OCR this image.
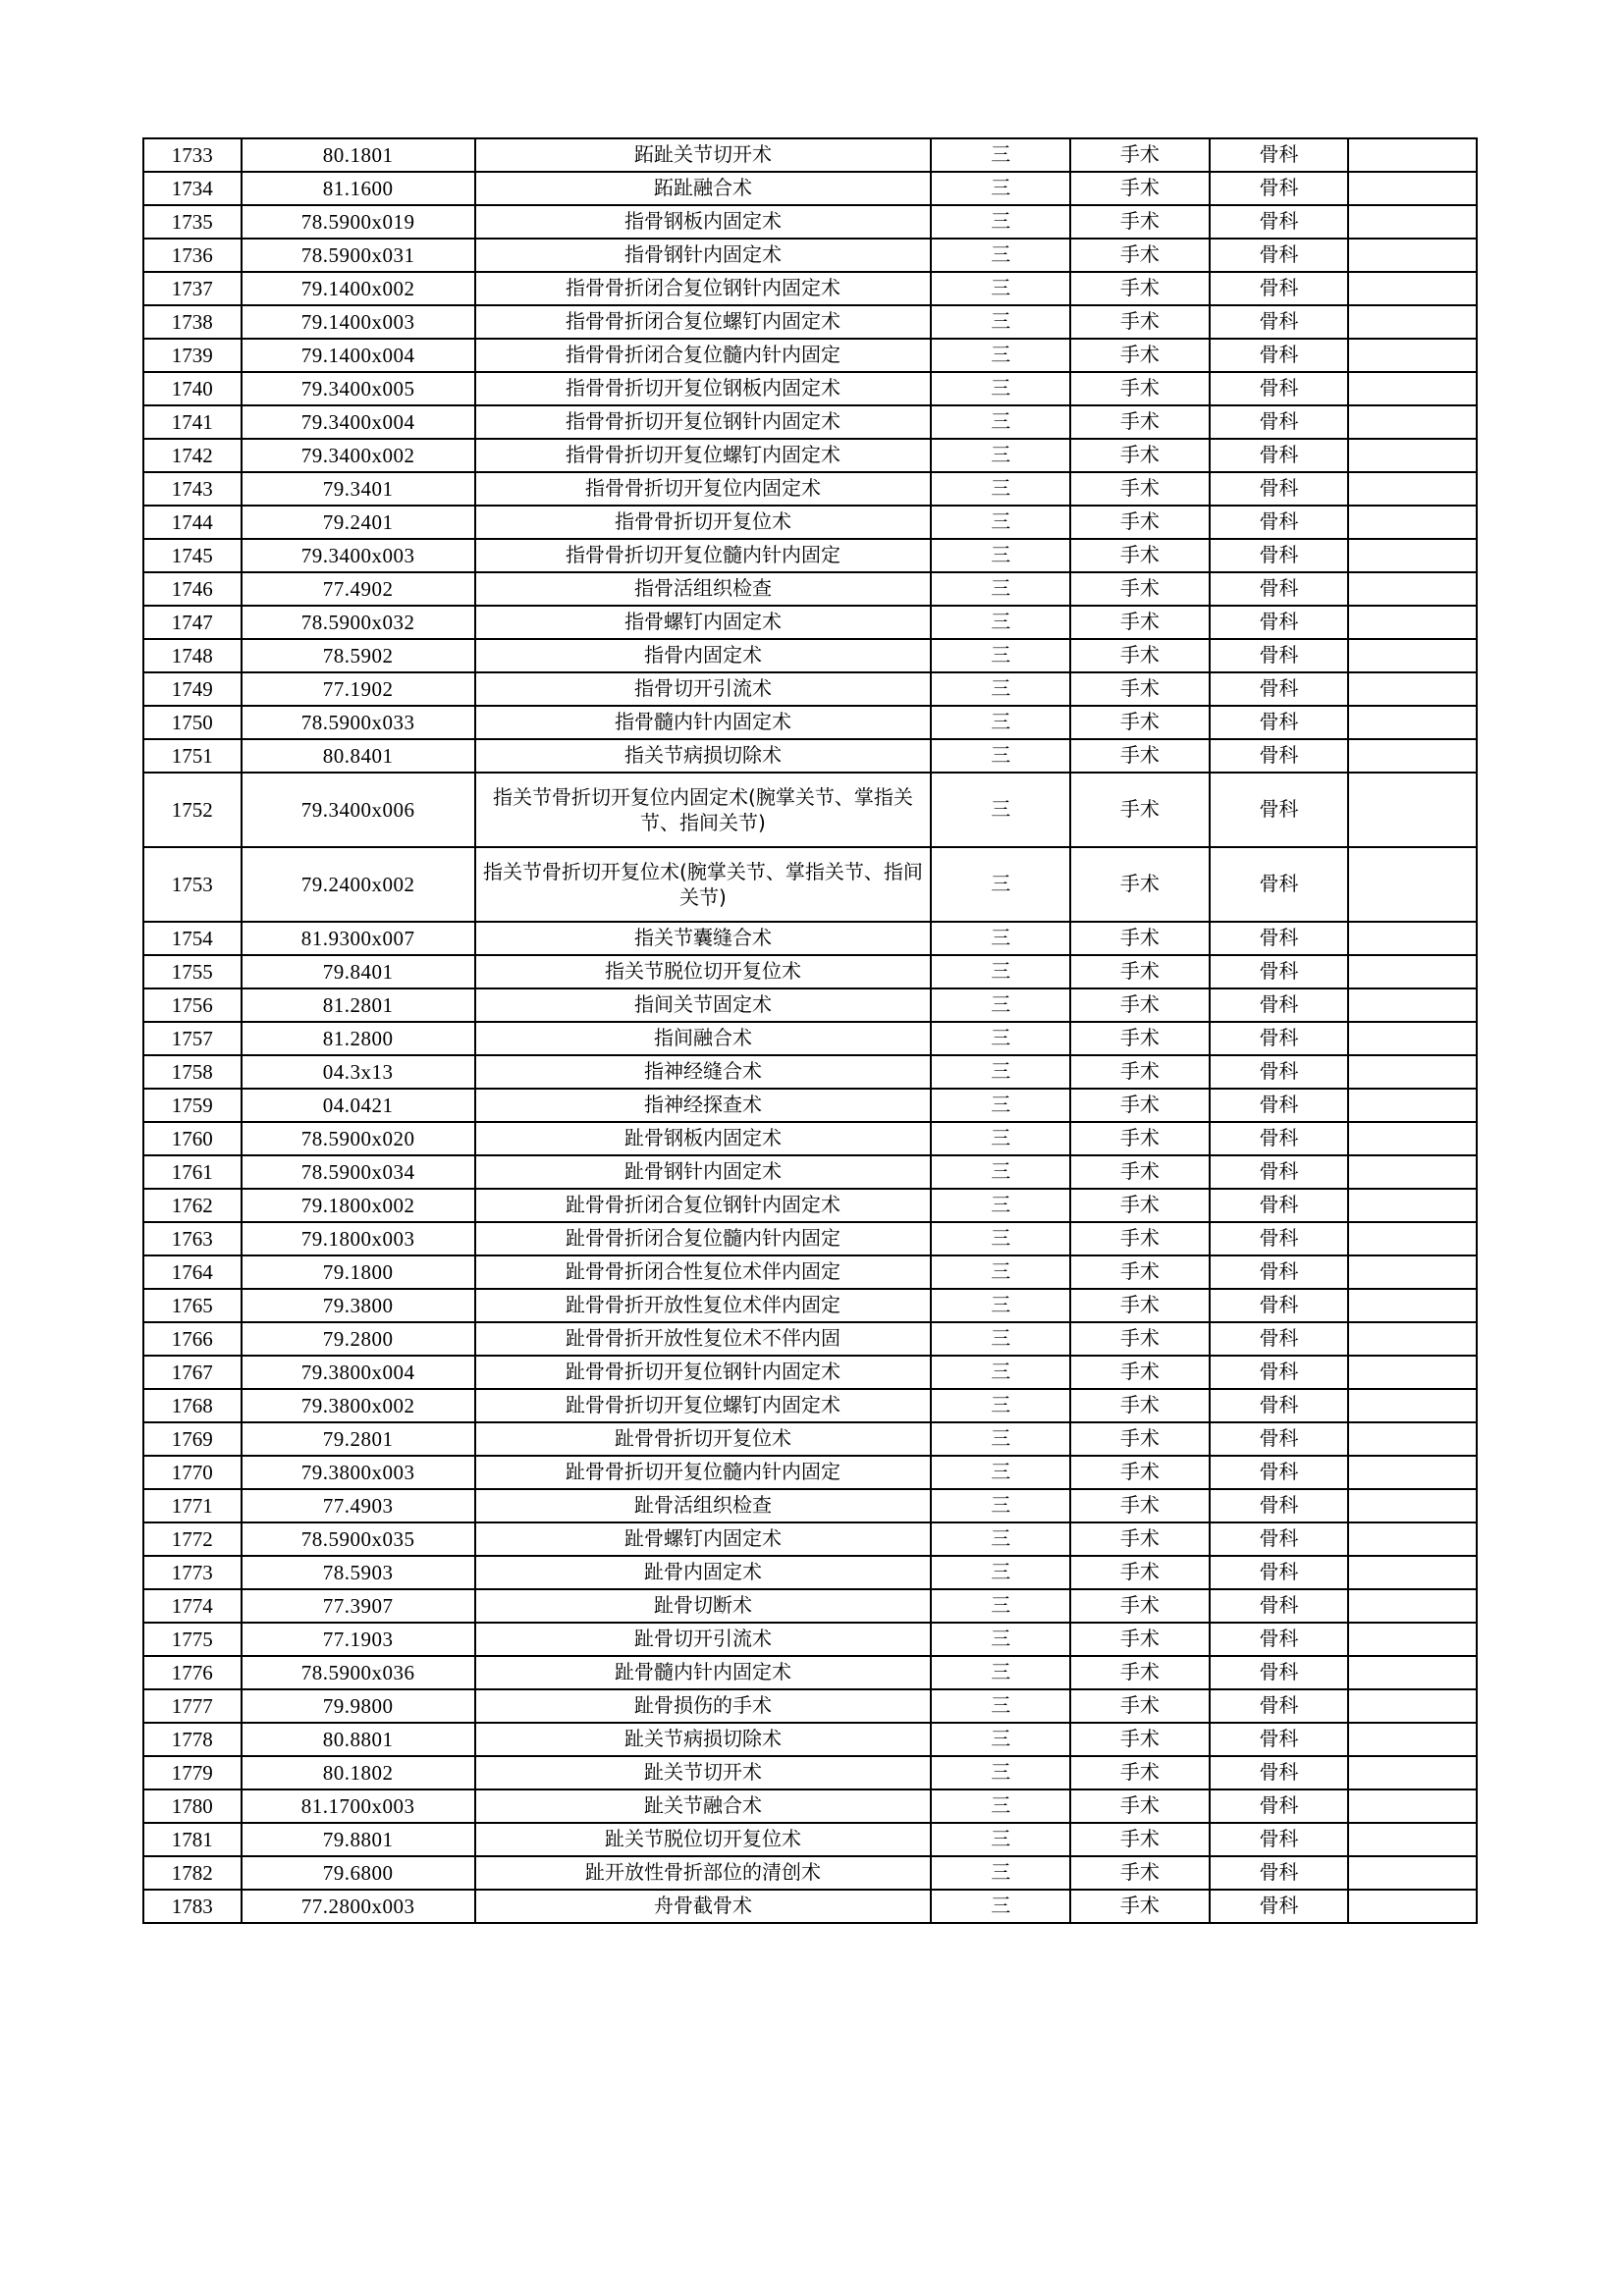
1733	80.1801	跖趾关节切开术	三	手术	骨科	
1734	81.1600	跖趾融合术	三	手术	骨科	
1735	78.5900x019	指骨钢板内固定术	三	手术	骨科	
1736	78.5900x031	指骨钢针内固定术	三	手术	骨科	
1737	79.1400x002	指骨骨折闭合复位钢针内固定术	三	手术	骨科	
1738	79.1400x003	指骨骨折闭合复位螺钉内固定术	三	手术	骨科	
1739	79.1400x004	指骨骨折闭合复位髓内针内固定	三	手术	骨科	
1740	79.3400x005	指骨骨折切开复位钢板内固定术	三	手术	骨科	
1741	79.3400x004	指骨骨折切开复位钢针内固定术	三	手术	骨科	
1742	79.3400x002	指骨骨折切开复位螺钉内固定术	三	手术	骨科	
1743	79.3401	指骨骨折切开复位内固定术	三	手术	骨科	
1744	79.2401	指骨骨折切开复位术	三	手术	骨科	
1745	79.3400x003	指骨骨折切开复位髓内针内固定	三	手术	骨科	
1746	77.4902	指骨活组织检查	三	手术	骨科	
1747	78.5900x032	指骨螺钉内固定术	三	手术	骨科	
1748	78.5902	指骨内固定术	三	手术	骨科	
1749	77.1902	指骨切开引流术	三	手术	骨科	
1750	78.5900x033	指骨髓内针内固定术	三	手术	骨科	
1751	80.8401	指关节病损切除术	三	手术	骨科	
1752	79.3400x006	指关节骨折切开复位内固定术(腕掌关节、掌指关节、指间关节)	三	手术	骨科	
1753	79.2400x002	指关节骨折切开复位术(腕掌关节、掌指关节、指间关节)	三	手术	骨科	
1754	81.9300x007	指关节囊缝合术	三	手术	骨科	
1755	79.8401	指关节脱位切开复位术	三	手术	骨科	
1756	81.2801	指间关节固定术	三	手术	骨科	
1757	81.2800	指间融合术	三	手术	骨科	
1758	04.3x13	指神经缝合术	三	手术	骨科	
1759	04.0421	指神经探查术	三	手术	骨科	
1760	78.5900x020	趾骨钢板内固定术	三	手术	骨科	
1761	78.5900x034	趾骨钢针内固定术	三	手术	骨科	
1762	79.1800x002	趾骨骨折闭合复位钢针内固定术	三	手术	骨科	
1763	79.1800x003	趾骨骨折闭合复位髓内针内固定	三	手术	骨科	
1764	79.1800	趾骨骨折闭合性复位术伴内固定	三	手术	骨科	
1765	79.3800	趾骨骨折开放性复位术伴内固定	三	手术	骨科	
1766	79.2800	趾骨骨折开放性复位术不伴内固	三	手术	骨科	
1767	79.3800x004	趾骨骨折切开复位钢针内固定术	三	手术	骨科	
1768	79.3800x002	趾骨骨折切开复位螺钉内固定术	三	手术	骨科	
1769	79.2801	趾骨骨折切开复位术	三	手术	骨科	
1770	79.3800x003	趾骨骨折切开复位髓内针内固定	三	手术	骨科	
1771	77.4903	趾骨活组织检查	三	手术	骨科	
1772	78.5900x035	趾骨螺钉内固定术	三	手术	骨科	
1773	78.5903	趾骨内固定术	三	手术	骨科	
1774	77.3907	趾骨切断术	三	手术	骨科	
1775	77.1903	趾骨切开引流术	三	手术	骨科	
1776	78.5900x036	趾骨髓内针内固定术	三	手术	骨科	
1777	79.9800	趾骨损伤的手术	三	手术	骨科	
1778	80.8801	趾关节病损切除术	三	手术	骨科	
1779	80.1802	趾关节切开术	三	手术	骨科	
1780	81.1700x003	趾关节融合术	三	手术	骨科	
1781	79.8801	趾关节脱位切开复位术	三	手术	骨科	
1782	79.6800	趾开放性骨折部位的清创术	三	手术	骨科	
1783	77.2800x003	舟骨截骨术	三	手术	骨科	
